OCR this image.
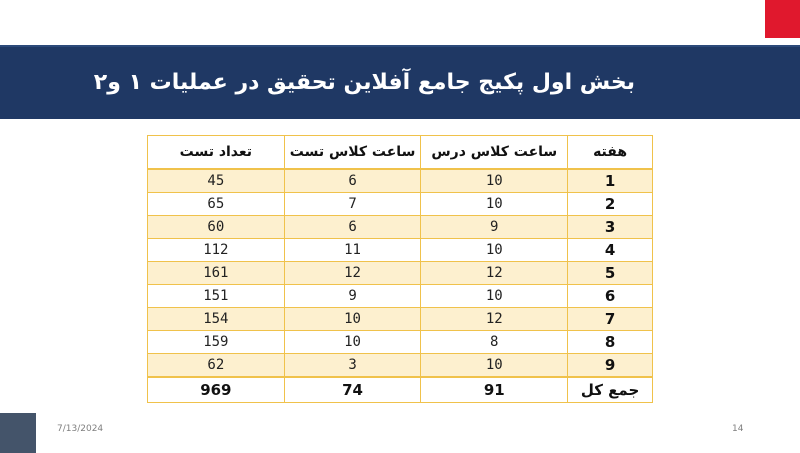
بخش اول پکیج جامع آفلاین تحقیق در عملیات ۱ و۲
تعداد تست	ساعت کلاس تست	ساعت کلاس درس	هفته
45	6	10	1
65	7	10	2
60	6	9	3
112	11	10	4
161	12	12	5
151	9	10	6
154	10	12	7
159	10	8	8
62	3	10	9
969	74	91	جمع کل
7/13/2024	14
